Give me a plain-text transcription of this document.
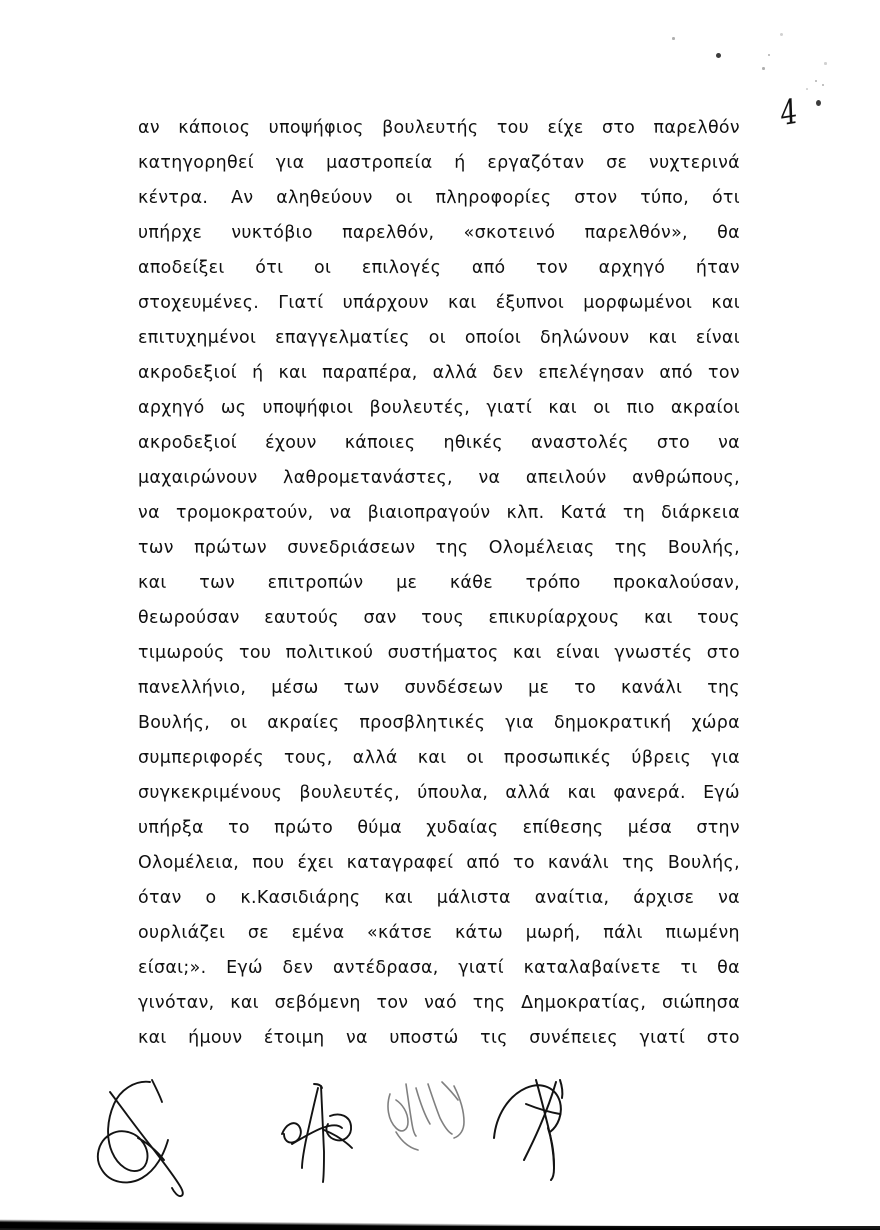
4
αν κάποιος υποψήφιος βουλευτής του είχε στο παρελθόν
κατηγορηθεί για μαστροπεία ή εργαζόταν σε νυχτερινά
κέντρα. Αν αληθεύουν οι πληροφορίες στον τύπο, ότι
υπήρχε νυκτόβιο παρελθόν, «σκοτεινό παρελθόν», θα
αποδείξει ότι οι επιλογές από τον αρχηγό ήταν
στοχευμένες. Γιατί υπάρχουν και έξυπνοι μορφωμένοι και
επιτυχημένοι επαγγελματίες οι οποίοι δηλώνουν και είναι
ακροδεξιοί ή και παραπέρα, αλλά δεν επελέγησαν από τον
αρχηγό ως υποψήφιοι βουλευτές, γιατί και οι πιο ακραίοι
ακροδεξιοί έχουν κάποιες ηθικές αναστολές στο να
μαχαιρώνουν λαθρομετανάστες, να απειλούν ανθρώπους,
να τρομοκρατούν, να βιαιοπραγούν κλπ. Κατά τη διάρκεια
των πρώτων συνεδριάσεων της Ολομέλειας της Βουλής,
και των επιτροπών με κάθε τρόπο προκαλούσαν,
θεωρούσαν εαυτούς σαν τους επικυρίαρχους και τους
τιμωρούς του πολιτικού συστήματος και είναι γνωστές στο
πανελλήνιο, μέσω των συνδέσεων με το κανάλι της
Βουλής, οι ακραίες προσβλητικές για δημοκρατική χώρα
συμπεριφορές τους, αλλά και οι προσωπικές ύβρεις για
συγκεκριμένους βουλευτές, ύπουλα, αλλά και φανερά. Εγώ
υπήρξα το πρώτο θύμα χυδαίας επίθεσης μέσα στην
Ολομέλεια, που έχει καταγραφεί από το κανάλι της Βουλής,
όταν ο κ.Κασιδιάρης και μάλιστα αναίτια, άρχισε να
ουρλιάζει σε εμένα «κάτσε κάτω μωρή, πάλι πιωμένη
είσαι;». Εγώ δεν αντέδρασα, γιατί καταλαβαίνετε τι θα
γινόταν, και σεβόμενη τον ναό της Δημοκρατίας, σιώπησα
και ήμουν έτοιμη να υποστώ τις συνέπειες γιατί στο
